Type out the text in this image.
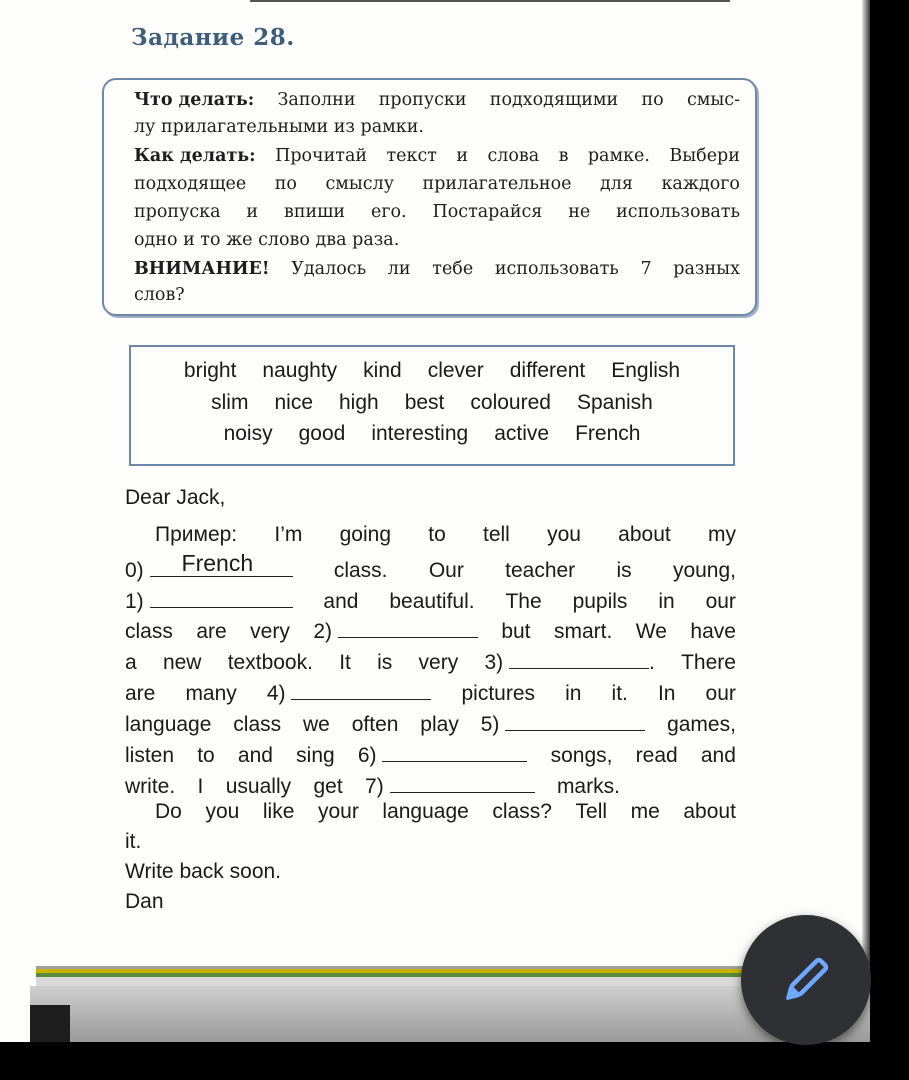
Задание 28.
Что делать: Заполни пропуски подходящими по смыс-
лу прилагательными из рамки.
Как делать: Прочитай текст и слова в рамке. Выбери
подходящее по смыслу прилагательное для каждого
пропуска и впиши его. Постарайся не использовать
одно и то же слово два раза.
ВНИМАНИЕ! Удалось ли тебе использовать 7 разных
слов?
bright naughty kind clever different English
slim nice high best coloured Spanish
noisy good interesting active French
Dear Jack,
Пример: I’m going to tell you about my
0) French	class. Our teacher is young,
1)	and beautiful. The pupils in our
class are very 2)	but smart. We have
a new textbook. It is very 3)	. There
are many 4)	pictures in it. In our
language class we often play 5)	games,
listen to and sing 6)	songs, read and
write. I usually get 7)	marks.
Do you like your language class? Tell me about
it.
Write back soon.
Dan
